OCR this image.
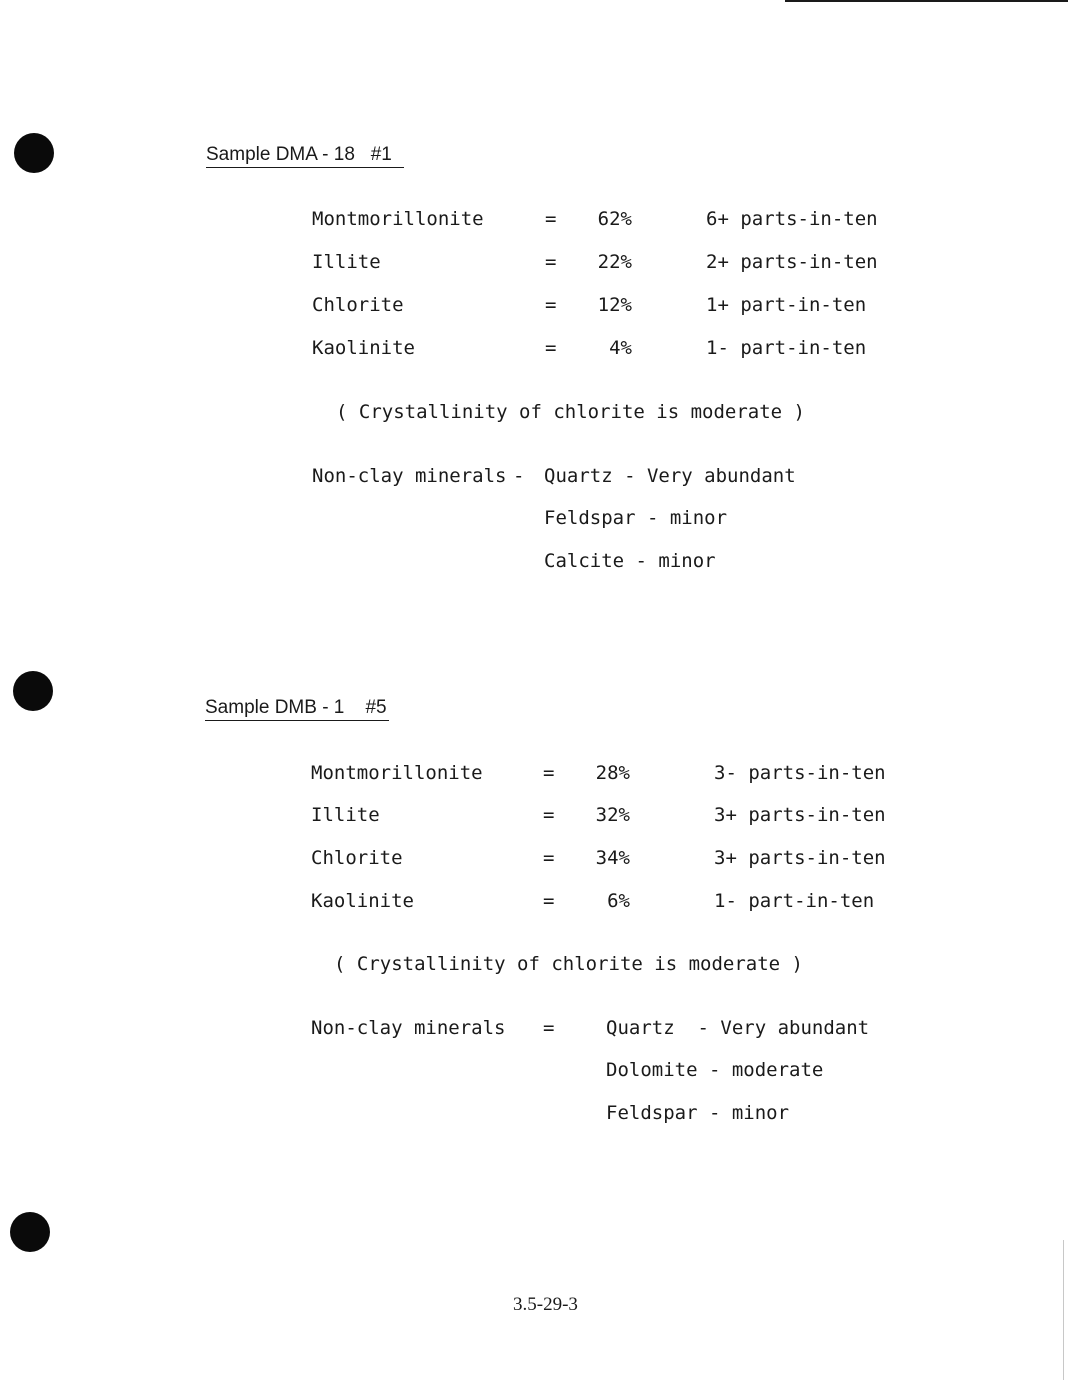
Sample DMA - 18   #1
Montmorillonite	=	62%	6+ parts-in-ten
Illite	=	22%	2+ parts-in-ten
Chlorite	=	12%	1+ part-in-ten
Kaolinite	=	4%	1- part-in-ten
( Crystallinity of chlorite is moderate )
Non-clay minerals - Quartz - Very abundant
Feldspar - minor
Calcite - minor
Sample DMB - 1    #5
Montmorillonite	=	28%	3- parts-in-ten
Illite	=	32%	3+ parts-in-ten
Chlorite	=	34%	3+ parts-in-ten
Kaolinite	=	6%	1- part-in-ten
( Crystallinity of chlorite is moderate )
Non-clay minerals =	Quartz  - Very abundant
Dolomite - moderate
Feldspar - minor
3.5-29-3
